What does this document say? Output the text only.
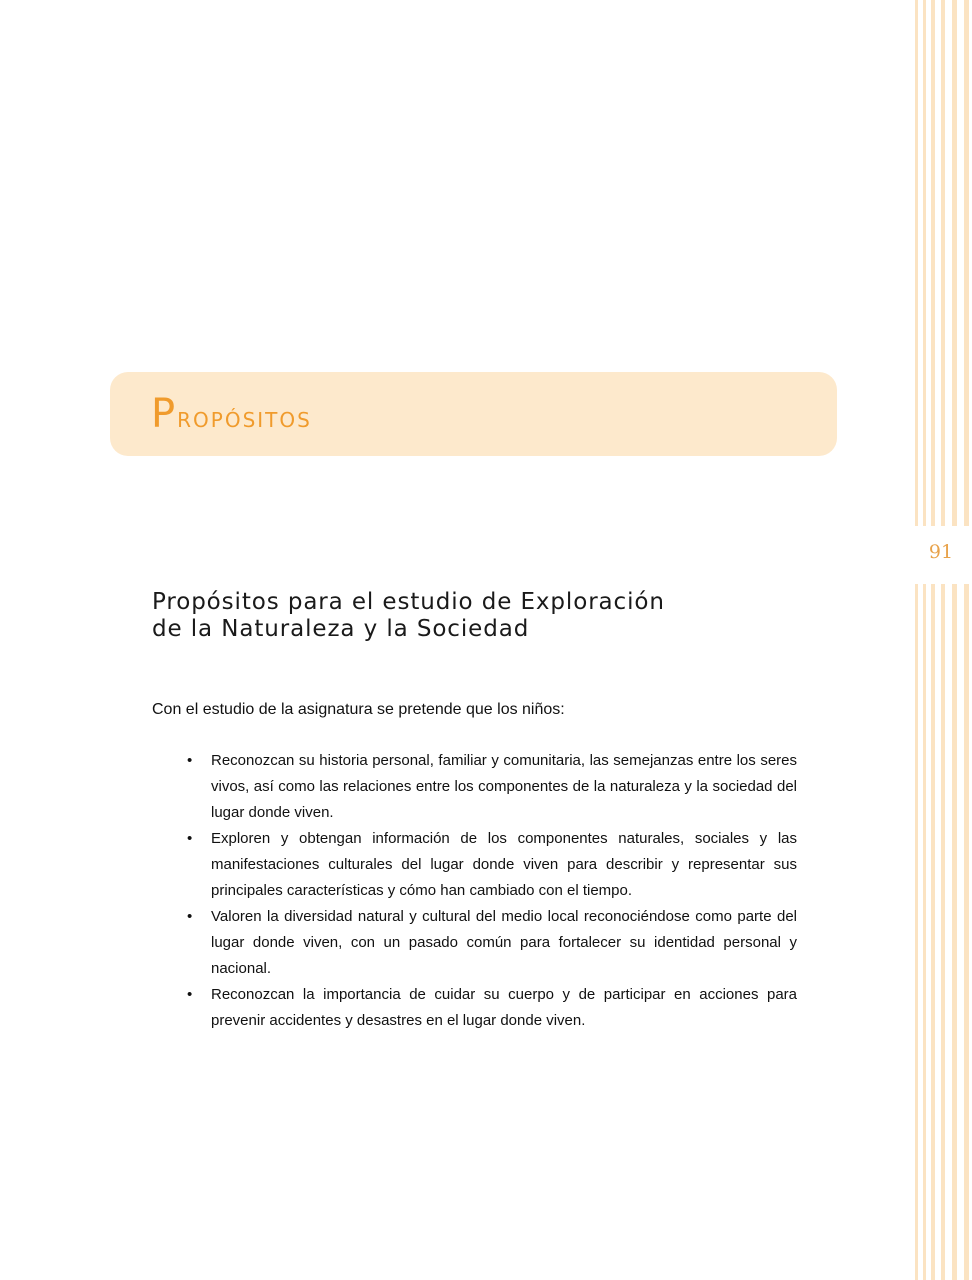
91
Propósitos
Propósitos para el estudio de Exploración
de la Naturaleza y la Sociedad
Con el estudio de la asignatura se pretende que los niños:
• Reconozcan su historia personal, familiar y comunitaria, las semejanzas entre los seres vivos, así como las relaciones entre los componentes de la naturaleza y la sociedad del lugar donde viven.
• Exploren y obtengan información de los componentes naturales, sociales y las manifestaciones culturales del lugar donde viven para describir y representar sus principales características y cómo han cambiado con el tiempo.
• Valoren la diversidad natural y cultural del medio local reconociéndose como parte del lugar donde viven, con un pasado común para fortalecer su identidad personal y nacional.
• Reconozcan la importancia de cuidar su cuerpo y de participar en acciones para prevenir accidentes y desastres en el lugar donde viven.
